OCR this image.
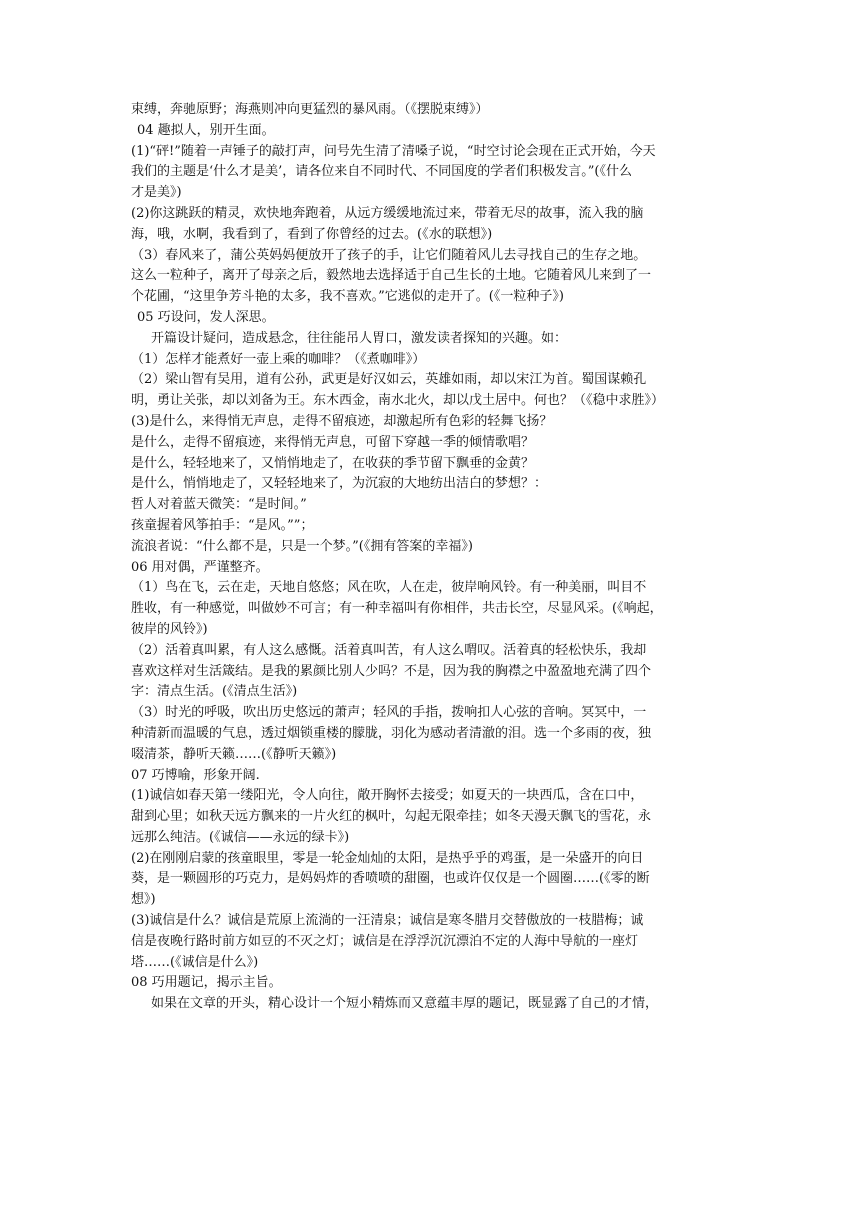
束缚，奔驰原野；海燕则冲向更猛烈的暴风雨。（《摆脱束缚》）
04 趣拟人，别开生面。
(1)“砰!”随着一声锤子的敲打声，问号先生清了清嗓子说，“时空讨论会现在正式开始，今天
我们的主题是‘什么才是美’，请各位来自不同时代、不同国度的学者们积极发言。”(《什么
才是美》)
(2)你这跳跃的精灵，欢快地奔跑着，从远方缓缓地流过来，带着无尽的故事，流入我的脑
海，哦，水啊，我看到了，看到了你曾经的过去。(《水的联想》)
（3）春风来了，蒲公英妈妈便放开了孩子的手，让它们随着风儿去寻找自己的生存之地。
这么一粒种子，离开了母亲之后，毅然地去选择适于自己生长的土地。它随着风儿来到了一
个花圃，“这里争芳斗艳的太多，我不喜欢。”它逃似的走开了。(《一粒种子》)
05 巧设问，发人深思。
开篇设计疑问，造成悬念，往往能吊人胃口，激发读者探知的兴趣。如：
（1）怎样才能煮好一壶上乘的咖啡？（《煮咖啡》）
（2）梁山智有吴用，道有公孙，武更是好汉如云，英雄如雨，却以宋江为首。蜀国谋赖孔
明，勇让关张，却以刘备为王。东木西金，南水北火，却以戊土居中。何也？（《稳中求胜》）
(3)是什么，来得悄无声息，走得不留痕迹，却激起所有色彩的轻舞飞扬？
是什么，走得不留痕迹，来得悄无声息，可留下穿越一季的倾情歌唱？
是什么，轻轻地来了，又悄悄地走了，在收获的季节留下飘垂的金黄？
是什么，悄悄地走了，又轻轻地来了，为沉寂的大地纺出洁白的梦想？：
哲人对着蓝天微笑：“是时间。”
孩童握着风筝拍手：“是风。””；
流浪者说：“什么都不是，只是一个梦。”(《拥有答案的幸福》)
06 用对偶，严谨整齐。
（1）鸟在飞，云在走，天地自悠悠；风在吹，人在走，彼岸响风铃。有一种美丽，叫目不
胜收，有一种感觉，叫做妙不可言；有一种幸福叫有你相伴，共击长空，尽显风采。(《响起，
彼岸的风铃》)
（2）活着真叫累，有人这么感慨。活着真叫苦，有人这么喟叹。活着真的轻松快乐，我却
喜欢这样对生活箴结。是我的累颜比别人少吗？不是，因为我的胸襟之中盈盈地充满了四个
字：清点生活。(《清点生活》)
（3）时光的呼吸，吹出历史悠远的萧声；轻风的手指，拨响扣人心弦的音响。冥冥中，一
种清新而温暖的气息，透过烟锁重楼的朦胧，羽化为感动者清澈的泪。选一个多雨的夜，独
啜清茶，静听天籁……(《静听天籁》)
07 巧博喻，形象开阔.
(1)诚信如春天第一缕阳光，令人向往，敞开胸怀去接受；如夏天的一块西瓜，含在口中，
甜到心里；如秋天远方飘来的一片火红的枫叶，勾起无限牵挂；如冬天漫天飘飞的雪花，永
远那么纯洁。(《诚信——永远的绿卡》)
(2)在刚刚启蒙的孩童眼里，零是一轮金灿灿的太阳，是热乎乎的鸡蛋，是一朵盛开的向日
葵，是一颗圆形的巧克力，是妈妈炸的香喷喷的甜圈，也或许仅仅是一个圆圈……(《零的断
想》)
(3)诚信是什么？诚信是荒原上流淌的一汪清泉；诚信是寒冬腊月交替傲放的一枝腊梅；诚
信是夜晚行路时前方如豆的不灭之灯；诚信是在浮浮沉沉漂泊不定的人海中导航的一座灯
塔……(《诚信是什么》)
08 巧用题记，揭示主旨。
如果在文章的开头，精心设计一个短小精炼而又意蕴丰厚的题记，既显露了自己的才情，
